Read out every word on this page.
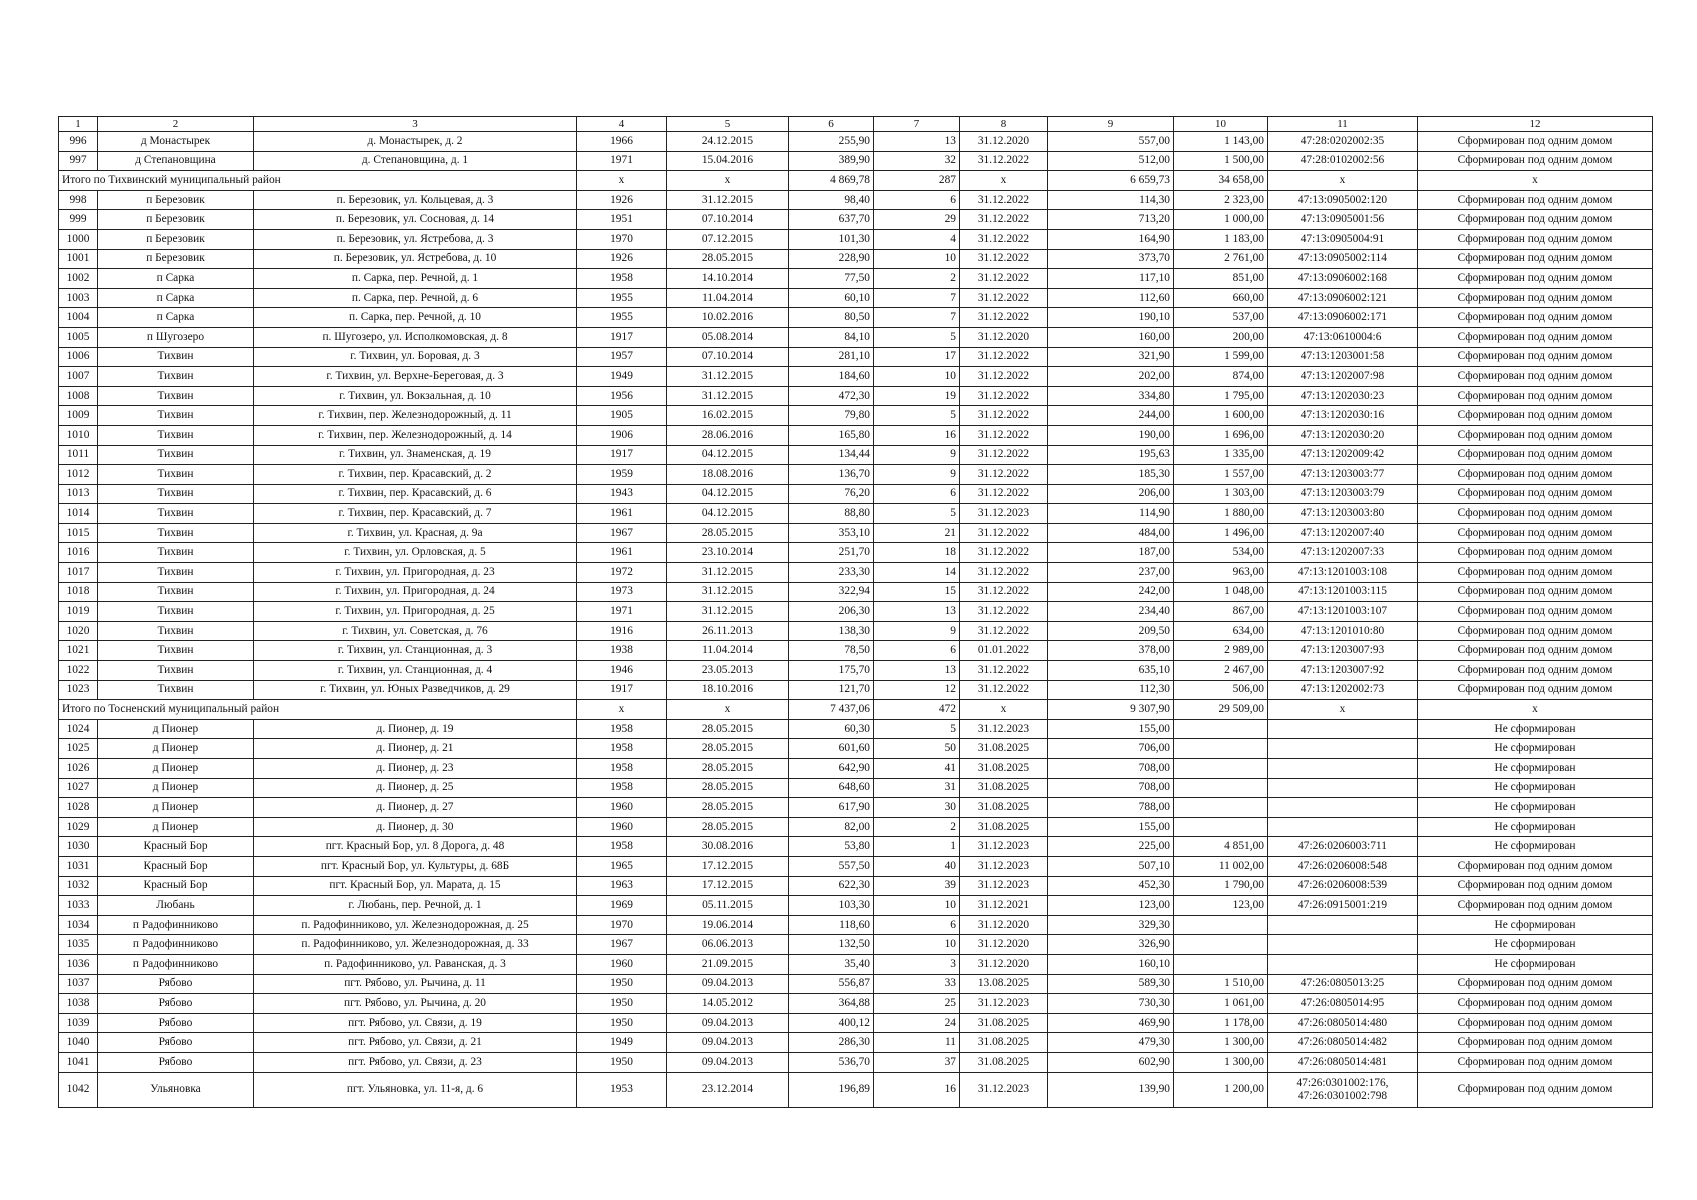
1	2	3	4	5	6	7	8	9	10	11	12
996	д Монастырек	д. Монастырек, д. 2	1966	24.12.2015	255,90	13	31.12.2020	557,00	1 143,00	47:28:0202002:35	Сформирован под одним домом
997	д Степановщина	д. Степановщина, д. 1	1971	15.04.2016	389,90	32	31.12.2022	512,00	1 500,00	47:28:0102002:56	Сформирован под одним домом
Итого по Тихвинский муниципальный район			x	x	4 869,78	287	x	6 659,73	34 658,00	x	x
998	п Березовик	п. Березовик, ул. Кольцевая, д. 3	1926	31.12.2015	98,40	6	31.12.2022	114,30	2 323,00	47:13:0905002:120	Сформирован под одним домом
999	п Березовик	п. Березовик, ул. Сосновая, д. 14	1951	07.10.2014	637,70	29	31.12.2022	713,20	1 000,00	47:13:0905001:56	Сформирован под одним домом
1000	п Березовик	п. Березовик, ул. Ястребова, д. 3	1970	07.12.2015	101,30	4	31.12.2022	164,90	1 183,00	47:13:0905004:91	Сформирован под одним домом
1001	п Березовик	п. Березовик, ул. Ястребова, д. 10	1926	28.05.2015	228,90	10	31.12.2022	373,70	2 761,00	47:13:0905002:114	Сформирован под одним домом
1002	п Сарка	п. Сарка, пер. Речной, д. 1	1958	14.10.2014	77,50	2	31.12.2022	117,10	851,00	47:13:0906002:168	Сформирован под одним домом
1003	п Сарка	п. Сарка, пер. Речной, д. 6	1955	11.04.2014	60,10	7	31.12.2022	112,60	660,00	47:13:0906002:121	Сформирован под одним домом
1004	п Сарка	п. Сарка, пер. Речной, д. 10	1955	10.02.2016	80,50	7	31.12.2022	190,10	537,00	47:13:0906002:171	Сформирован под одним домом
1005	п Шугозеро	п. Шугозеро, ул. Исполкомовская, д. 8	1917	05.08.2014	84,10	5	31.12.2020	160,00	200,00	47:13:0610004:6	Сформирован под одним домом
1006	Тихвин	г. Тихвин, ул. Боровая, д. 3	1957	07.10.2014	281,10	17	31.12.2022	321,90	1 599,00	47:13:1203001:58	Сформирован под одним домом
1007	Тихвин	г. Тихвин, ул. Верхне-Береговая, д. 3	1949	31.12.2015	184,60	10	31.12.2022	202,00	874,00	47:13:1202007:98	Сформирован под одним домом
1008	Тихвин	г. Тихвин, ул. Вокзальная, д. 10	1956	31.12.2015	472,30	19	31.12.2022	334,80	1 795,00	47:13:1202030:23	Сформирован под одним домом
1009	Тихвин	г. Тихвин, пер. Железнодорожный, д. 11	1905	16.02.2015	79,80	5	31.12.2022	244,00	1 600,00	47:13:1202030:16	Сформирован под одним домом
1010	Тихвин	г. Тихвин, пер. Железнодорожный, д. 14	1906	28.06.2016	165,80	16	31.12.2022	190,00	1 696,00	47:13:1202030:20	Сформирован под одним домом
1011	Тихвин	г. Тихвин, ул. Знаменская, д. 19	1917	04.12.2015	134,44	9	31.12.2022	195,63	1 335,00	47:13:1202009:42	Сформирован под одним домом
1012	Тихвин	г. Тихвин, пер. Красавский, д. 2	1959	18.08.2016	136,70	9	31.12.2022	185,30	1 557,00	47:13:1203003:77	Сформирован под одним домом
1013	Тихвин	г. Тихвин, пер. Красавский, д. 6	1943	04.12.2015	76,20	6	31.12.2022	206,00	1 303,00	47:13:1203003:79	Сформирован под одним домом
1014	Тихвин	г. Тихвин, пер. Красавский, д. 7	1961	04.12.2015	88,80	5	31.12.2023	114,90	1 880,00	47:13:1203003:80	Сформирован под одним домом
1015	Тихвин	г. Тихвин, ул. Красная, д. 9а	1967	28.05.2015	353,10	21	31.12.2022	484,00	1 496,00	47:13:1202007:40	Сформирован под одним домом
1016	Тихвин	г. Тихвин, ул. Орловская, д. 5	1961	23.10.2014	251,70	18	31.12.2022	187,00	534,00	47:13:1202007:33	Сформирован под одним домом
1017	Тихвин	г. Тихвин, ул. Пригородная, д. 23	1972	31.12.2015	233,30	14	31.12.2022	237,00	963,00	47:13:1201003:108	Сформирован под одним домом
1018	Тихвин	г. Тихвин, ул. Пригородная, д. 24	1973	31.12.2015	322,94	15	31.12.2022	242,00	1 048,00	47:13:1201003:115	Сформирован под одним домом
1019	Тихвин	г. Тихвин, ул. Пригородная, д. 25	1971	31.12.2015	206,30	13	31.12.2022	234,40	867,00	47:13:1201003:107	Сформирован под одним домом
1020	Тихвин	г. Тихвин, ул. Советская, д. 76	1916	26.11.2013	138,30	9	31.12.2022	209,50	634,00	47:13:1201010:80	Сформирован под одним домом
1021	Тихвин	г. Тихвин, ул. Станционная, д. 3	1938	11.04.2014	78,50	6	01.01.2022	378,00	2 989,00	47:13:1203007:93	Сформирован под одним домом
1022	Тихвин	г. Тихвин, ул. Станционная, д. 4	1946	23.05.2013	175,70	13	31.12.2022	635,10	2 467,00	47:13:1203007:92	Сформирован под одним домом
1023	Тихвин	г. Тихвин, ул. Юных Разведчиков, д. 29	1917	18.10.2016	121,70	12	31.12.2022	112,30	506,00	47:13:1202002:73	Сформирован под одним домом
Итого по Тосненский муниципальный район			x	x	7 437,06	472	x	9 307,90	29 509,00	x	x
1024	д Пионер	д. Пионер, д. 19	1958	28.05.2015	60,30	5	31.12.2023	155,00			Не сформирован
1025	д Пионер	д. Пионер, д. 21	1958	28.05.2015	601,60	50	31.08.2025	706,00			Не сформирован
1026	д Пионер	д. Пионер, д. 23	1958	28.05.2015	642,90	41	31.08.2025	708,00			Не сформирован
1027	д Пионер	д. Пионер, д. 25	1958	28.05.2015	648,60	31	31.08.2025	708,00			Не сформирован
1028	д Пионер	д. Пионер, д. 27	1960	28.05.2015	617,90	30	31.08.2025	788,00			Не сформирован
1029	д Пионер	д. Пионер, д. 30	1960	28.05.2015	82,00	2	31.08.2025	155,00			Не сформирован
1030	Красный Бор	пгт. Красный Бор, ул. 8 Дорога, д. 48	1958	30.08.2016	53,80	1	31.12.2023	225,00	4 851,00	47:26:0206003:711	Не сформирован
1031	Красный Бор	пгт. Красный Бор, ул. Культуры, д. 68Б	1965	17.12.2015	557,50	40	31.12.2023	507,10	11 002,00	47:26:0206008:548	Сформирован под одним домом
1032	Красный Бор	пгт. Красный Бор, ул. Марата, д. 15	1963	17.12.2015	622,30	39	31.12.2023	452,30	1 790,00	47:26:0206008:539	Сформирован под одним домом
1033	Любань	г. Любань, пер. Речной, д. 1	1969	05.11.2015	103,30	10	31.12.2021	123,00	123,00	47:26:0915001:219	Сформирован под одним домом
1034	п Радофинниково	п. Радофинниково, ул. Железнодорожная, д. 25	1970	19.06.2014	118,60	6	31.12.2020	329,30			Не сформирован
1035	п Радофинниково	п. Радофинниково, ул. Железнодорожная, д. 33	1967	06.06.2013	132,50	10	31.12.2020	326,90			Не сформирован
1036	п Радофинниково	п. Радофинниково, ул. Раванская, д. 3	1960	21.09.2015	35,40	3	31.12.2020	160,10			Не сформирован
1037	Рябово	пгт. Рябово, ул. Рычина, д. 11	1950	09.04.2013	556,87	33	13.08.2025	589,30	1 510,00	47:26:0805013:25	Сформирован под одним домом
1038	Рябово	пгт. Рябово, ул. Рычина, д. 20	1950	14.05.2012	364,88	25	31.12.2023	730,30	1 061,00	47:26:0805014:95	Сформирован под одним домом
1039	Рябово	пгт. Рябово, ул. Связи, д. 19	1950	09.04.2013	400,12	24	31.08.2025	469,90	1 178,00	47:26:0805014:480	Сформирован под одним домом
1040	Рябово	пгт. Рябово, ул. Связи, д. 21	1949	09.04.2013	286,30	11	31.08.2025	479,30	1 300,00	47:26:0805014:482	Сформирован под одним домом
1041	Рябово	пгт. Рябово, ул. Связи, д. 23	1950	09.04.2013	536,70	37	31.08.2025	602,90	1 300,00	47:26:0805014:481	Сформирован под одним домом
1042	Ульяновка	пгт. Ульяновка, ул. 11-я, д. 6	1953	23.12.2014	196,89	16	31.12.2023	139,90	1 200,00	47:26:0301002:176, 47:26:0301002:798	Сформирован под одним домом
